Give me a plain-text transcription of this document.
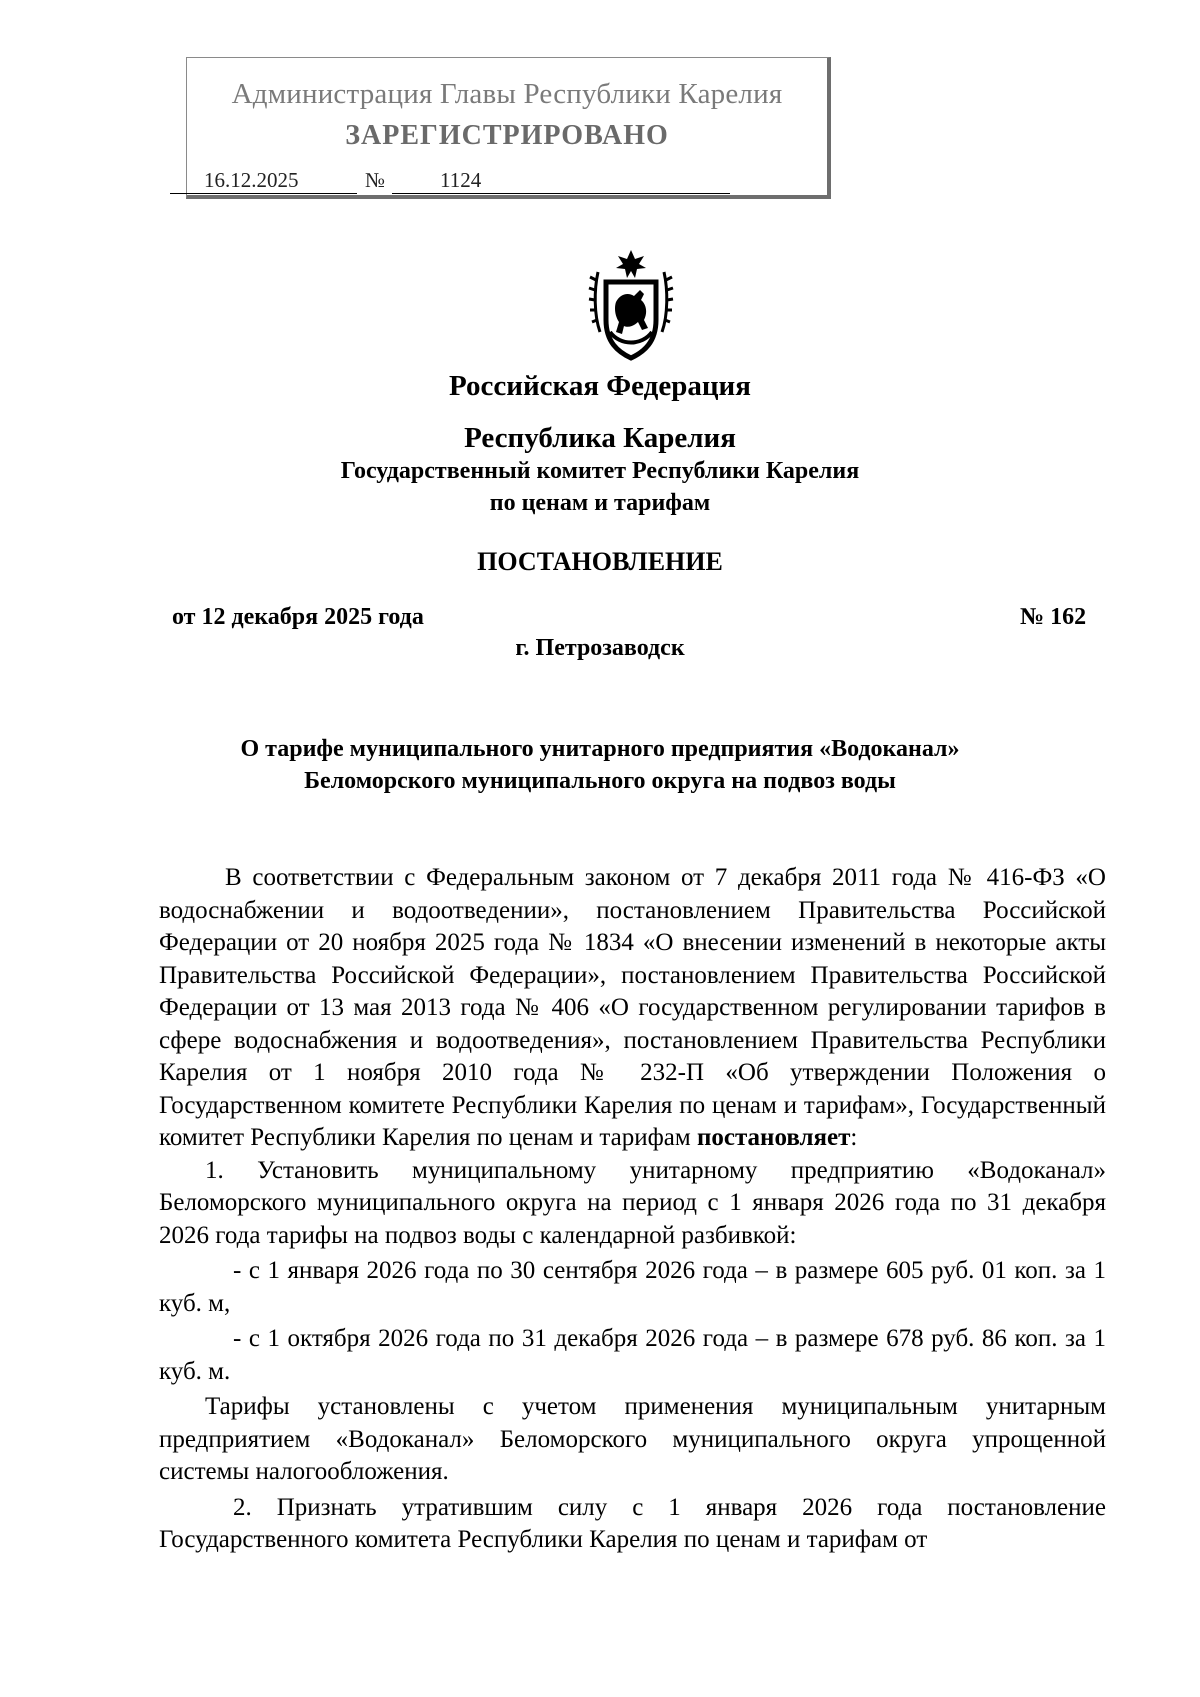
Администрация Главы Республики Карелия
ЗАРЕГИСТРИРОВАНО
16.12.2025	№	1124
Российская Федерация
Республика Карелия
Государственный комитет Республики Карелия
по ценам и тарифам
ПОСТАНОВЛЕНИЕ
от 12 декабря 2025 года	№ 162
г. Петрозаводск
О тарифе муниципального унитарного предприятия «Водоканал»
Беломорского муниципального округа на подвоз воды

В соответствии с Федеральным законом от 7 декабря 2011 года № 416-ФЗ «О водоснабжении и водоотведении», постановлением Правительства Российской Федерации от 20 ноября 2025 года № 1834 «О внесении изменений в некоторые акты Правительства Российской Федерации», постановлением Правительства Российской Федерации от 13 мая 2013 года № 406 «О государственном регулировании тарифов в сфере водоснабжения и водоотведения», постановлением Правительства Республики Карелия от 1 ноября 2010 года № 232-П «Об утверждении Положения о Государственном комитете Республики Карелия по ценам и тарифам», Государственный комитет Республики Карелия по ценам и тарифам постановляет:

1. Установить муниципальному унитарному предприятию «Водоканал» Беломорского муниципального округа на период с 1 января 2026 года по 31 декабря 2026 года тарифы на подвоз воды с календарной разбивкой:

- с 1 января 2026 года по 30 сентября 2026 года – в размере 605 руб. 01 коп. за 1 куб. м,

- с 1 октября 2026 года по 31 декабря 2026 года – в размере 678 руб. 86 коп. за 1 куб. м.

Тарифы установлены с учетом применения муниципальным унитарным предприятием «Водоканал» Беломорского муниципального округа упрощенной системы налогообложения.

2. Признать утратившим силу с 1 января 2026 года постановление Государственного комитета Республики Карелия по ценам и тарифам от
